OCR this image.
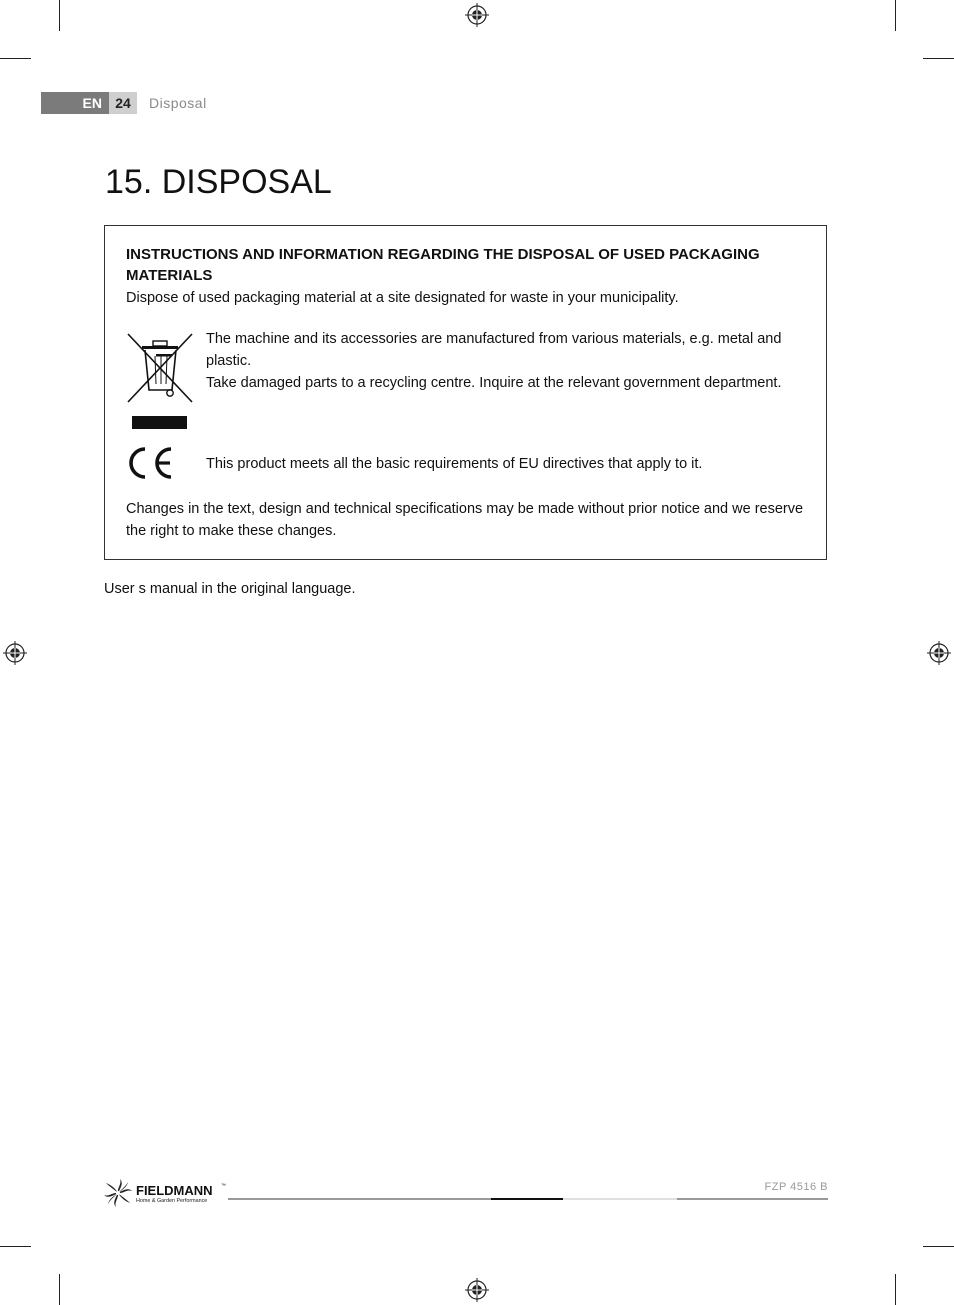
EN 24	Disposal
15. DISPOSAL
INSTRUCTIONS AND INFORMATION REGARDING THE DISPOSAL OF USED PACKAGING MATERIALS
Dispose of used packaging material at a site designated for waste in your municipality.
The machine and its accessories are manufactured from various materials, e.g. metal and plastic.
Take damaged parts to a recycling centre. Inquire at the relevant government department.
This product meets all the basic requirements of EU directives that apply to it.
Changes in the text, design and technical specifications may be made without prior notice and we reserve the right to make these changes.
User s manual in the original language.
FIELDMANN ™
Home & Garden Performance
FZP 4516 B
